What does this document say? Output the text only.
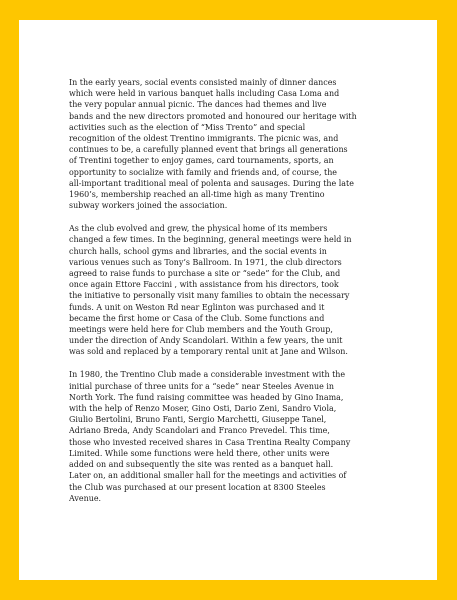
In the early years, social events consisted mainly of dinner dances
which were held in various banquet halls including Casa Loma and
the very popular annual picnic. The dances had themes and live
bands and the new directors promoted and honoured our heritage with
activities such as the election of “Miss Trento” and special
recognition of the oldest Trentino immigrants. The picnic was, and
continues to be, a carefully planned event that brings all generations
of Trentini together to enjoy games, card tournaments, sports, an
opportunity to socialize with family and friends and, of course, the
all-important traditional meal of polenta and sausages. During the late
1960’s, membership reached an all-time high as many Trentino
subway workers joined the association.
As the club evolved and grew, the physical home of its members
changed a few times. In the beginning, general meetings were held in
church halls, school gyms and libraries, and the social events in
various venues such as Tony’s Ballroom. In 1971, the club directors
agreed to raise funds to purchase a site or “sede” for the Club, and
once again Ettore Faccini , with assistance from his directors, took
the initiative to personally visit many families to obtain the necessary
funds. A unit on Weston Rd near Eglinton was purchased and it
became the first home or Casa of the Club. Some functions and
meetings were held here for Club members and the Youth Group,
under the direction of Andy Scandolari. Within a few years, the unit
was sold and replaced by a temporary rental unit at Jane and Wilson.
In 1980, the Trentino Club made a considerable investment with the
initial purchase of three units for a “sede” near Steeles Avenue in
North York. The fund raising committee was headed by Gino Inama,
with the help of Renzo Moser, Gino Osti, Dario Zeni, Sandro Viola,
Giulio Bertolini, Bruno Fanti, Sergio Marchetti, Giuseppe Tanel,
Adriano Breda, Andy Scandolari and Franco Prevedel. This time,
those who invested received shares in Casa Trentina Realty Company
Limited. While some functions were held there, other units were
added on and subsequently the site was rented as a banquet hall.
Later on, an additional smaller hall for the meetings and activities of
the Club was purchased at our present location at 8300 Steeles
Avenue.
